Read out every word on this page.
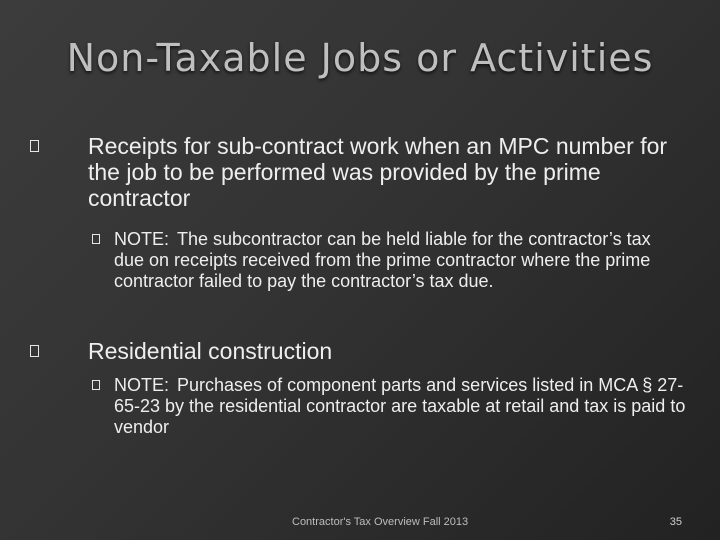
Non-Taxable Jobs or Activities
Receipts for sub-contract work when an MPC number for the job to be performed was provided by the prime contractor
NOTE: The subcontractor can be held liable for the contractor’s tax due on receipts received from the prime contractor where the prime contractor failed to pay the contractor’s tax due.
Residential construction
NOTE: Purchases of component parts and services listed in MCA § 27-65-23 by the residential contractor are taxable at retail and tax is paid to vendor
Contractor's Tax Overview Fall 2013	35
